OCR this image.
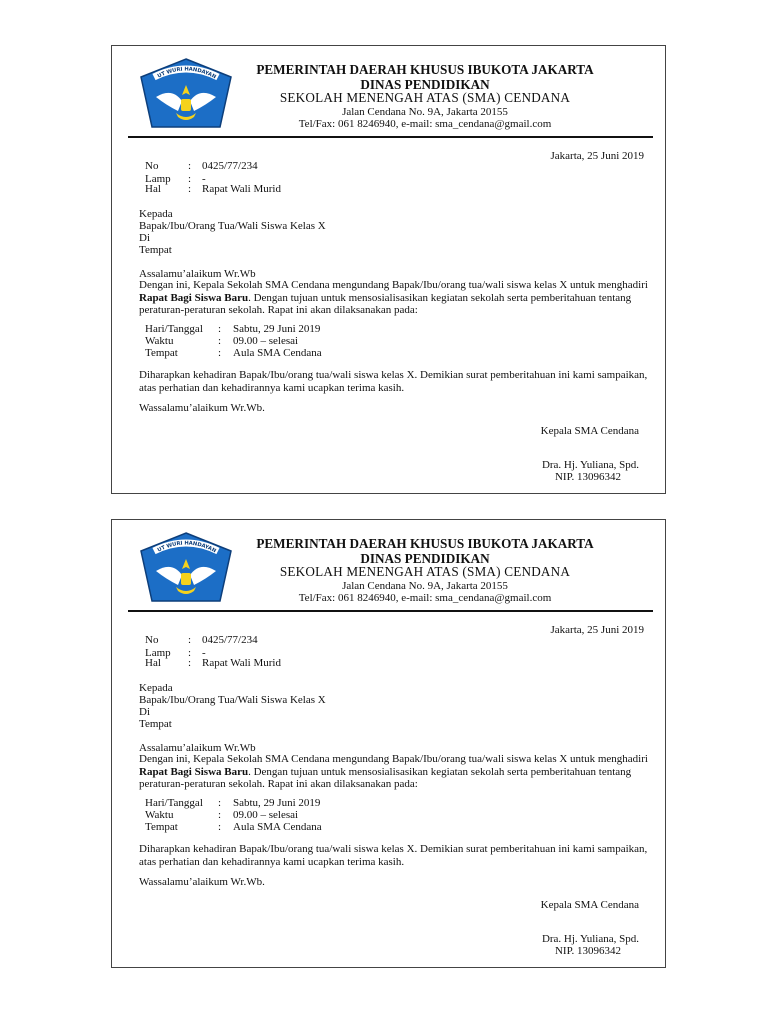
UT WURI HANDAYAN	PEMERINTAH DAERAH KHUSUS IBUKOTA JAKARTA
DINAS PENDIDIKAN
SEKOLAH MENENGAH ATAS (SMA) CENDANA
Jalan Cendana No. 9A, Jakarta 20155
Tel/Fax: 061 8246940, e-mail: sma_cendana@gmail.com
Jakarta, 25 Juni 2019
No	: 0425/77/234
Lamp : -
Hal : Rapat Wali Murid
Kepada
Bapak/Ibu/Orang Tua/Wali Siswa Kelas X
Di
Tempat
Assalamu’alaikum Wr.Wb
Dengan ini, Kepala Sekolah SMA Cendana mengundang Bapak/Ibu/orang tua/wali siswa kelas X untuk menghadiri Rapat Bagi Siswa Baru. Dengan tujuan untuk mensosialisasikan kegiatan sekolah serta pemberitahuan tentang peraturan-peraturan sekolah. Rapat ini akan dilaksanakan pada:
Hari/Tanggal : Sabtu, 29 Juni 2019
Waktu	: 09.00 – selesai
Tempat	: Aula SMA Cendana
Diharapkan kehadiran Bapak/Ibu/orang tua/wali siswa kelas X. Demikian surat pemberitahuan ini kami sampaikan, atas perhatian dan kehadirannya kami ucapkan terima kasih.
Wassalamu’alaikum Wr.Wb.
Kepala SMA Cendana
Dra. Hj. Yuliana, Spd.
NIP. 13096342
UT WURI HANDAYAN	PEMERINTAH DAERAH KHUSUS IBUKOTA JAKARTA
DINAS PENDIDIKAN
SEKOLAH MENENGAH ATAS (SMA) CENDANA
Jalan Cendana No. 9A, Jakarta 20155
Tel/Fax: 061 8246940, e-mail: sma_cendana@gmail.com
Jakarta, 25 Juni 2019
No	: 0425/77/234
Lamp : -
Hal : Rapat Wali Murid
Kepada
Bapak/Ibu/Orang Tua/Wali Siswa Kelas X
Di
Tempat
Assalamu’alaikum Wr.Wb
Dengan ini, Kepala Sekolah SMA Cendana mengundang Bapak/Ibu/orang tua/wali siswa kelas X untuk menghadiri Rapat Bagi Siswa Baru. Dengan tujuan untuk mensosialisasikan kegiatan sekolah serta pemberitahuan tentang peraturan-peraturan sekolah. Rapat ini akan dilaksanakan pada:
Hari/Tanggal : Sabtu, 29 Juni 2019
Waktu	: 09.00 – selesai
Tempat	: Aula SMA Cendana
Diharapkan kehadiran Bapak/Ibu/orang tua/wali siswa kelas X. Demikian surat pemberitahuan ini kami sampaikan, atas perhatian dan kehadirannya kami ucapkan terima kasih.
Wassalamu’alaikum Wr.Wb.
Kepala SMA Cendana
Dra. Hj. Yuliana, Spd.
NIP. 13096342
